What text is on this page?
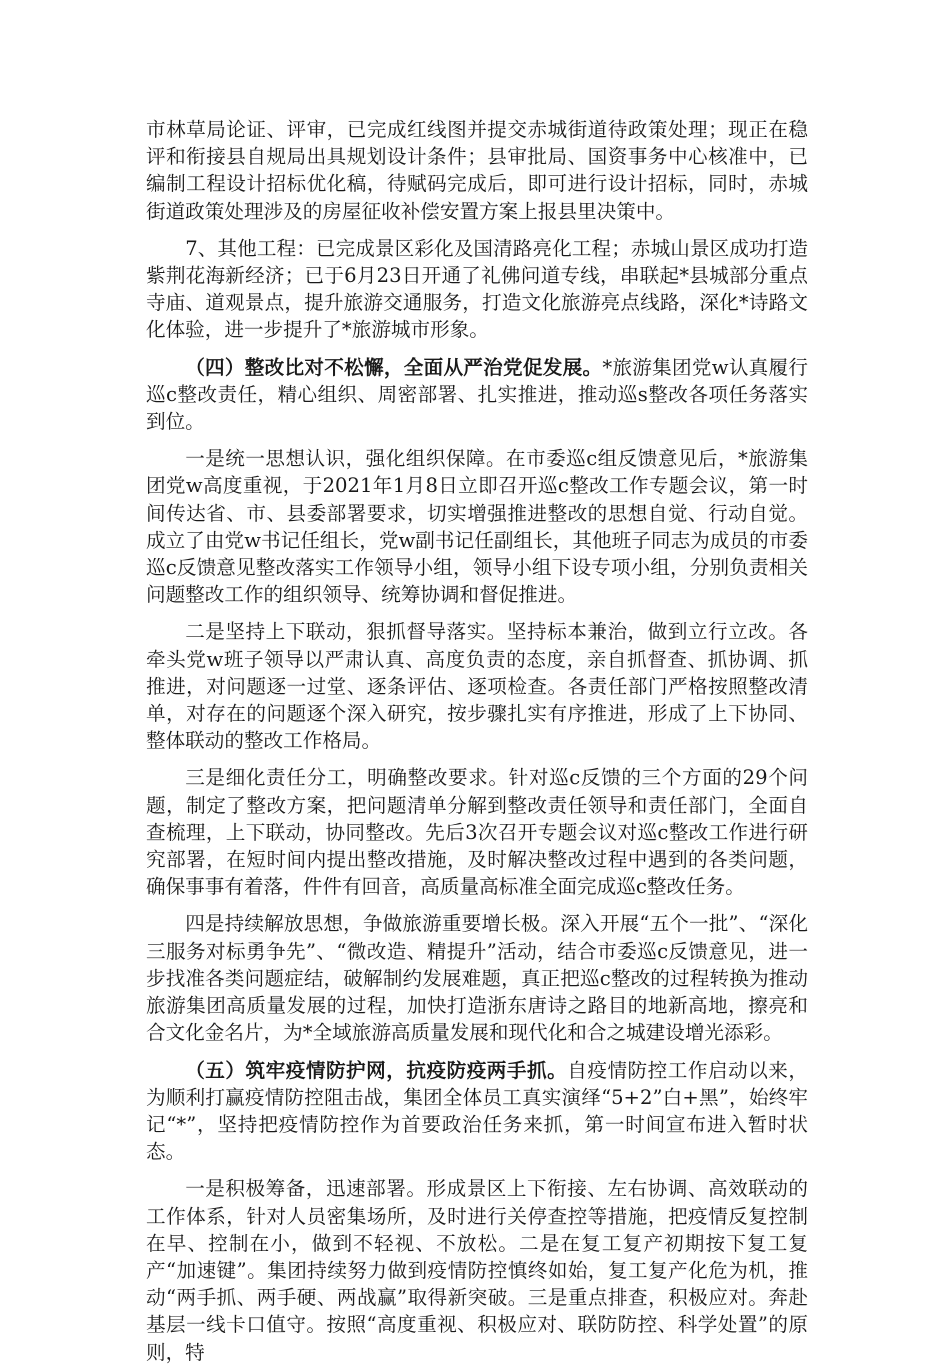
市林草局论证、评审，已完成红线图并提交赤城街道待政策处理；现正在稳评和衔接县自规局出具规划设计条件；县审批局、国资事务中心核准中，已编制工程设计招标优化稿，待赋码完成后，即可进行设计招标，同时，赤城街道政策处理涉及的房屋征收补偿安置方案上报县里决策中。

7、其他工程：已完成景区彩化及国清路亮化工程；赤城山景区成功打造紫荆花海新经济；已于6月23日开通了礼佛问道专线，串联起*县城部分重点寺庙、道观景点，提升旅游交通服务，打造文化旅游亮点线路，深化*诗路文化体验，进一步提升了*旅游城市形象。

（四）整改比对不松懈，全面从严治党促发展。*旅游集团党w认真履行巡c整改责任，精心组织、周密部署、扎实推进，推动巡s整改各项任务落实到位。

一是统一思想认识，强化组织保障。在市委巡c组反馈意见后，*旅游集团党w高度重视，于2021年1月8日立即召开巡c整改工作专题会议，第一时间传达省、市、县委部署要求，切实增强推进整改的思想自觉、行动自觉。成立了由党w书记任组长，党w副书记任副组长，其他班子同志为成员的市委巡c反馈意见整改落实工作领导小组，领导小组下设专项小组，分别负责相关问题整改工作的组织领导、统筹协调和督促推进。

二是坚持上下联动，狠抓督导落实。坚持标本兼治，做到立行立改。各牵头党w班子领导以严肃认真、高度负责的态度，亲自抓督查、抓协调、抓推进，对问题逐一过堂、逐条评估、逐项检查。各责任部门严格按照整改清单，对存在的问题逐个深入研究，按步骤扎实有序推进，形成了上下协同、整体联动的整改工作格局。

三是细化责任分工，明确整改要求。针对巡c反馈的三个方面的29个问题，制定了整改方案，把问题清单分解到整改责任领导和责任部门，全面自查梳理，上下联动，协同整改。先后3次召开专题会议对巡c整改工作进行研究部署，在短时间内提出整改措施，及时解决整改过程中遇到的各类问题，确保事事有着落，件件有回音，高质量高标准全面完成巡c整改任务。

四是持续解放思想，争做旅游重要增长极。深入开展“五个一批”、“深化三服务对标勇争先”、“微改造、精提升”活动，结合市委巡c反馈意见，进一步找准各类问题症结，破解制约发展难题，真正把巡c整改的过程转换为推动旅游集团高质量发展的过程，加快打造浙东唐诗之路目的地新高地，擦亮和合文化金名片，为*全域旅游高质量发展和现代化和合之城建设增光添彩。

（五）筑牢疫情防护网，抗疫防疫两手抓。自疫情防控工作启动以来，为顺利打赢疫情防控阻击战，集团全体员工真实演绎“5+2”白+黑”，始终牢记“*”，坚持把疫情防控作为首要政治任务来抓，第一时间宣布进入暂时状态。

一是积极筹备，迅速部署。形成景区上下衔接、左右协调、高效联动的工作体系，针对人员密集场所，及时进行关停查控等措施，把疫情反复控制在早、控制在小，做到不轻视、不放松。二是在复工复产初期按下复工复产“加速键”。集团持续努力做到疫情防控慎终如始，复工复产化危为机，推动“两手抓、两手硬、两战赢”取得新突破。三是重点排查，积极应对。奔赴基层一线卡口值守。按照“高度重视、积极应对、联防防控、科学处置”的原则，特
